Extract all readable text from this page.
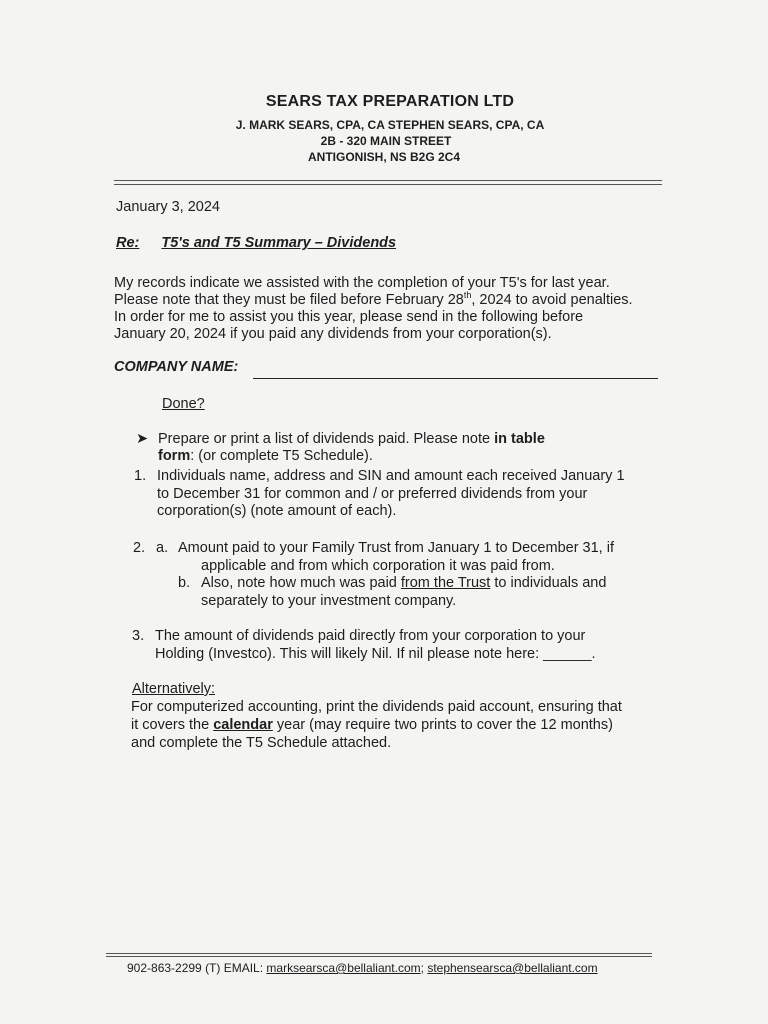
SEARS TAX PREPARATION LTD
J. MARK SEARS, CPA, CA STEPHEN SEARS, CPA, CA
2B - 320 MAIN STREET
ANTIGONISH, NS B2G 2C4
January 3, 2024
Re: T5's and T5 Summary – Dividends
My records indicate we assisted with the completion of your T5's for last year.
Please note that they must be filed before February 28th, 2024 to avoid penalties.
In order for me to assist you this year, please send in the following before
January 20, 2024 if you paid any dividends from your corporation(s).
COMPANY NAME:
Done?
➤ Prepare or print a list of dividends paid. Please note in table
form: (or complete T5 Schedule).
1. Individuals name, address and SIN and amount each received January 1
to December 31 for common and / or preferred dividends from your
corporation(s) (note amount of each).
2. a. Amount paid to your Family Trust from January 1 to December 31, if
applicable and from which corporation it was paid from.
b. Also, note how much was paid from the Trust to individuals and
separately to your investment company.
3. The amount of dividends paid directly from your corporation to your
Holding (Investco). This will likely Nil. If nil please note here: ______.
Alternatively:
For computerized accounting, print the dividends paid account, ensuring that
it covers the calendar year (may require two prints to cover the 12 months)
and complete the T5 Schedule attached.
902-863-2299 (T) EMAIL: marksearsca@bellaliant.com; stephensearsca@bellaliant.com
